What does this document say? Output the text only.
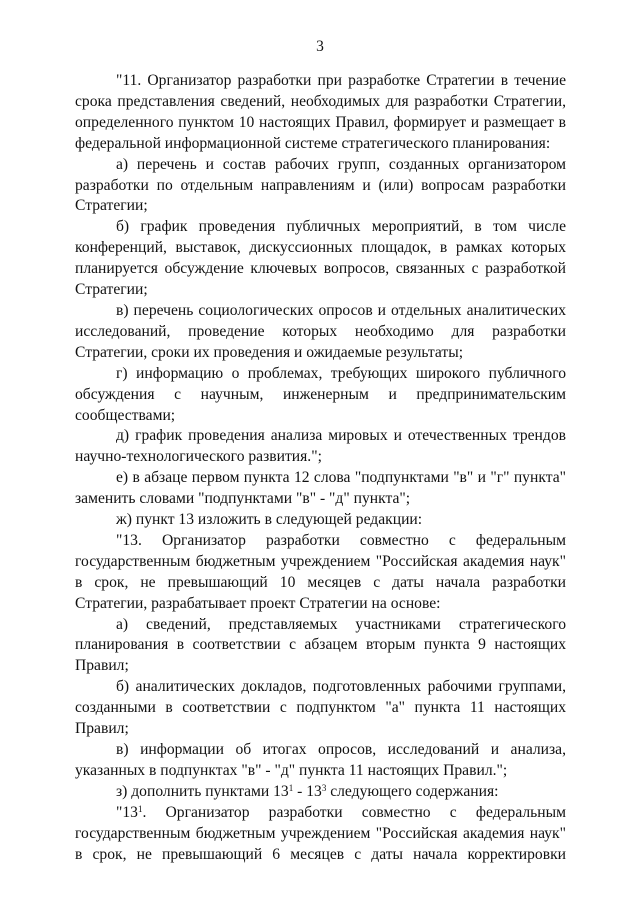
3

"11. Организатор разработки при разработке Стратегии в течение срока представления сведений, необходимых для разработки Стратегии, определенного пунктом 10 настоящих Правил, формирует и размещает в федеральной информационной системе стратегического планирования:

а) перечень и состав рабочих групп, созданных организатором разработки по отдельным направлениям и (или) вопросам разработки Стратегии;

б) график проведения публичных мероприятий, в том числе конференций, выставок, дискуссионных площадок, в рамках которых планируется обсуждение ключевых вопросов, связанных с разработкой Стратегии;

в) перечень социологических опросов и отдельных аналитических исследований, проведение которых необходимо для разработки Стратегии, сроки их проведения и ожидаемые результаты;

г) информацию о проблемах, требующих широкого публичного обсуждения с научным, инженерным и предпринимательским сообществами;

д) график проведения анализа мировых и отечественных трендов научно-технологического развития.";

е) в абзаце первом пункта 12 слова "подпунктами "в" и "г" пункта" заменить словами "подпунктами "в" - "д" пункта";

ж) пункт 13 изложить в следующей редакции:

"13. Организатор разработки совместно с федеральным государственным бюджетным учреждением "Российская академия наук" в срок, не превышающий 10 месяцев с даты начала разработки Стратегии, разрабатывает проект Стратегии на основе:

а) сведений, представляемых участниками стратегического планирования в соответствии с абзацем вторым пункта 9 настоящих Правил;

б) аналитических докладов, подготовленных рабочими группами, созданными в соответствии с подпунктом "а" пункта 11 настоящих Правил;

в) информации об итогах опросов, исследований и анализа, указанных в подпунктах "в" - "д" пункта 11 настоящих Правил.";

з) дополнить пунктами $13^1 - 13^3$ следующего содержания:

"$13^1$. Организатор разработки совместно с федеральным государственным бюджетным учреждением "Российская академия наук" в срок, не превышающий 6 месяцев с даты начала корректировки
